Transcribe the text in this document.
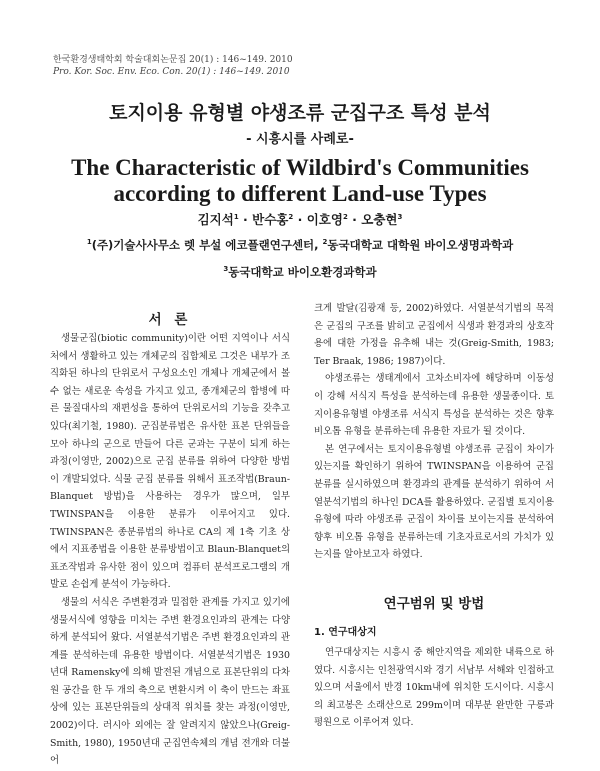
한국환경생태학회 학술대회논문집 20(1) : 146~149. 2010
Pro. Kor. Soc. Env. Eco. Con. 20(1) : 146~149. 2010
토지이용 유형별 야생조류 군집구조 특성 분석
- 시흥시를 사례로-
The Characteristic of Wildbird's Communities
according to different Land-use Types
김지석$^1$ · 반수홍$^2$ · 이호영$^2$ · 오충현$^3$
$^1$(주)기술사사무소 렛 부설 에코플랜연구센터, $^2$동국대학교 대학원 바이오생명과학과
$^3$동국대학교 바이오환경과학과
서 론

생물군집(biotic community)이란 어떤 지역이나 서식처에서 생활하고 있는 개체군의 집합체로 그것은 내부가 조직화된 하나의 단위로서 구성요소인 개체나 개체군에서 볼 수 없는 새로운 속성을 가지고 있고, 종개체군의 합병에 따른 물질대사의 재편성을 통하여 단위로서의 기능을 갖추고 있다(최기철, 1980). 군집분류법은 유사한 표본 단위들을 모아 하나의 군으로 만들어 다른 군과는 구분이 되게 하는 과정(이영만, 2002)으로 군집 분류를 위하여 다양한 방법이 개발되었다. 식물 군집 분류를 위해서 표조작법(Braun-Blanquet 방법)을 사용하는 경우가 많으며, 일부 TWINSPAN을 이용한 분류가 이루어지고 있다. TWINSPAN은 종분류법의 하나로 CA의 제 1축 기초 상에서 지표종법을 이용한 분류방법이고 Blaun-Blanquet의 표조작법과 유사한 점이 있으며 컴퓨터 분석프로그램의 개발로 손쉽게 분석이 가능하다.

생물의 서식은 주변환경과 밀접한 관계를 가지고 있기에 생물서식에 영향을 미치는 주변 환경요인과의 관계는 다양하게 분석되어 왔다. 서열분석기법은 주변 환경요인과의 관계를 분석하는데 유용한 방법이다. 서열분석기법은 1930년대 Ramensky에 의해 발전된 개념으로 표본단위의 다차원 공간을 한 두 개의 축으로 변환시켜 이 축이 만드는 좌표상에 있는 표본단위들의 상대적 위치를 찾는 과정(이영만, 2002)이다. 러시아 외에는 잘 알려지지 않았으나(Greig-Smith, 1980), 1950년대 군집연속체의 개념 전개와 더불어

크게 발달(김광재 등, 2002)하였다. 서열분석기법의 목적은 군집의 구조를 밝히고 군집에서 식생과 환경과의 상호작용에 대한 가정을 유추해 내는 것(Greig-Smith, 1983; Ter Braak, 1986; 1987)이다.

야생조류는 생태계에서 고차소비자에 해당하며 이동성이 강해 서식지 특성을 분석하는데 유용한 생물종이다. 토지이용유형별 야생조류 서식지 특성을 분석하는 것은 향후 비오톱 유형을 분류하는데 유용한 자료가 될 것이다.

본 연구에서는 토지이용유형별 야생조류 군집이 차이가 있는지를 확인하기 위하여 TWINSPAN을 이용하여 군집분류를 실시하였으며 환경과의 관계를 분석하기 위하여 서열분석기법의 하나인 DCA를 활용하였다. 군집별 토지이용유형에 따라 야생조류 군집이 차이를 보이는지를 분석하여 향후 비오톱 유형을 분류하는데 기초자료로서의 가치가 있는지를 알아보고자 하였다.

연구범위 및 방법
1. 연구대상지

연구대상지는 시흥시 중 해안지역을 제외한 내륙으로 하였다. 시흥시는 인천광역시와 경기 서남부 서해와 인접하고 있으며 서울에서 반경 10km내에 위치한 도시이다. 시흥시의 최고봉은 소래산으로 299m이며 대부분 완만한 구릉과 평원으로 이루어져 있다.
